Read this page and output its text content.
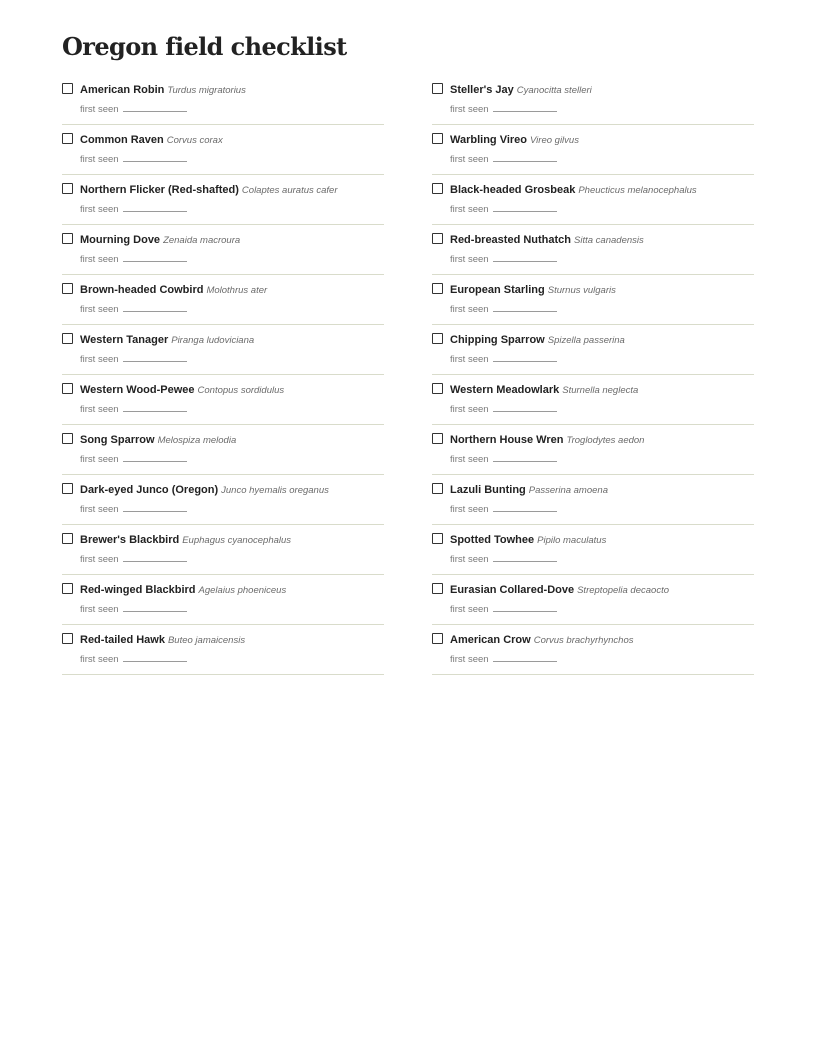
Oregon field checklist
American Robin Turdus migratorius
first seen
Common Raven Corvus corax
first seen
Northern Flicker (Red-shafted) Colaptes auratus cafer
first seen
Mourning Dove Zenaida macroura
first seen
Brown-headed Cowbird Molothrus ater
first seen
Western Tanager Piranga ludoviciana
first seen
Western Wood-Pewee Contopus sordidulus
first seen
Song Sparrow Melospiza melodia
first seen
Dark-eyed Junco (Oregon) Junco hyemalis oreganus
first seen
Brewer's Blackbird Euphagus cyanocephalus
first seen
Red-winged Blackbird Agelaius phoeniceus
first seen
Red-tailed Hawk Buteo jamaicensis
first seen
Steller's Jay Cyanocitta stelleri
first seen
Warbling Vireo Vireo gilvus
first seen
Black-headed Grosbeak Pheucticus melanocephalus
first seen
Red-breasted Nuthatch Sitta canadensis
first seen
European Starling Sturnus vulgaris
first seen
Chipping Sparrow Spizella passerina
first seen
Western Meadowlark Sturnella neglecta
first seen
Northern House Wren Troglodytes aedon
first seen
Lazuli Bunting Passerina amoena
first seen
Spotted Towhee Pipilo maculatus
first seen
Eurasian Collared-Dove Streptopelia decaocto
first seen
American Crow Corvus brachyrhynchos
first seen
